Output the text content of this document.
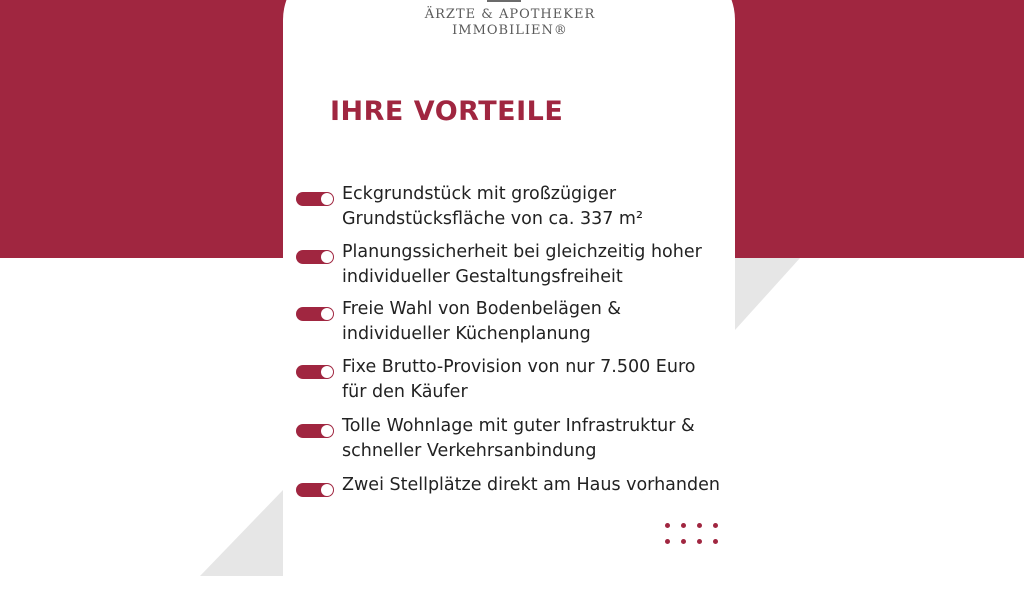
ÄRZTE & APOTHEKER
IMMOBILIEN®
IHRE VORTEILE
Eckgrundstück mit großzügiger Grundstücksfläche von ca. 337 m²
Planungssicherheit bei gleichzeitig hoher individueller Gestaltungsfreiheit
Freie Wahl von Bodenbelägen & individueller Küchenplanung
Fixe Brutto-Provision von nur 7.500 Euro für den Käufer
Tolle Wohnlage mit guter Infrastruktur & schneller Verkehrsanbindung
Zwei Stellplätze direkt am Haus vorhanden
